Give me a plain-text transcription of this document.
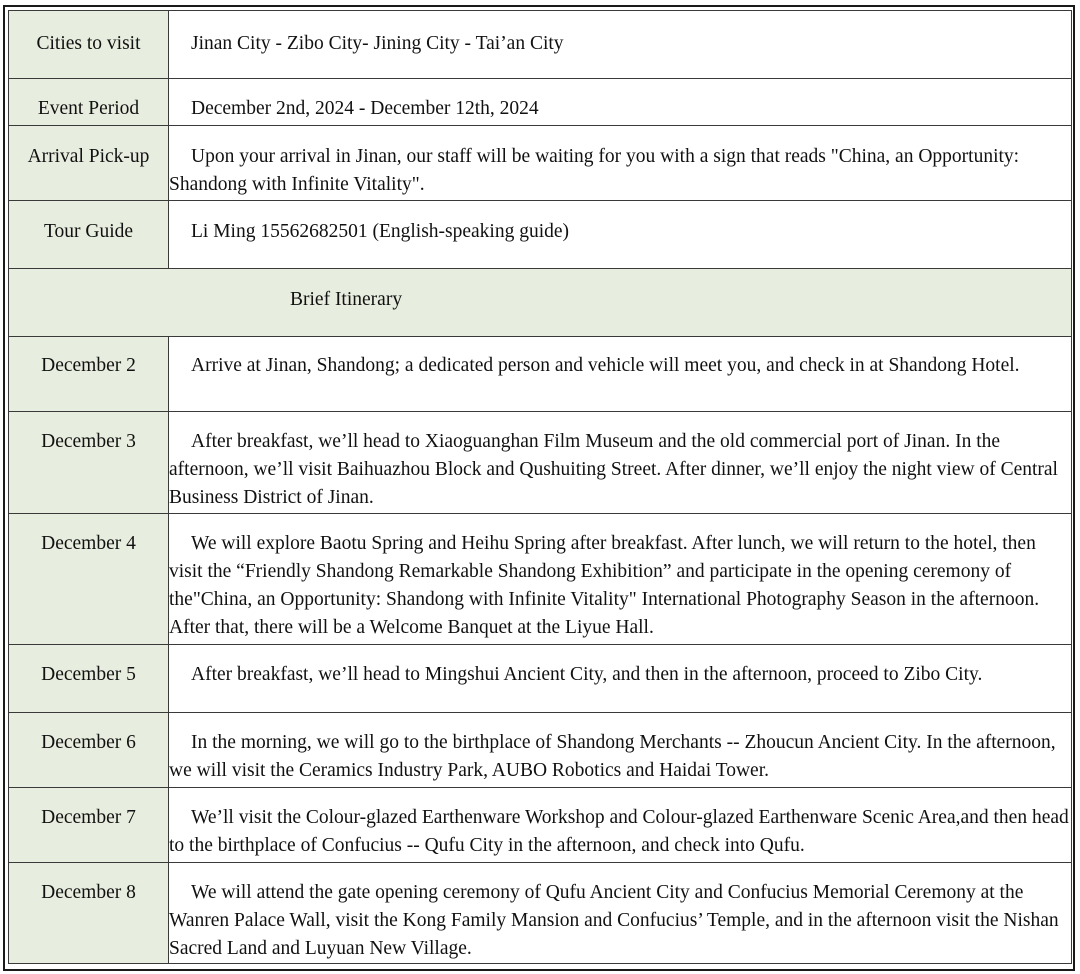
Cities to visit	Jinan City - Zibo City- Jining City - Tai’an City

Event Period	December 2nd, 2024 - December 12th, 2024

Arrival Pick-up	Upon your arrival in Jinan, our staff will be waiting for you with a sign that reads "China, an Opportunity: Shandong with Infinite Vitality".

Tour Guide	Li Ming 15562682501 (English-speaking guide)

Brief Itinerary	

December 2	Arrive at Jinan, Shandong; a dedicated person and vehicle will meet you, and check in at Shandong Hotel.

December 3	After breakfast, we’ll head to Xiaoguanghan Film Museum and the old commercial port of Jinan. In the afternoon, we’ll visit Baihuazhou Block and Qushuiting Street. After dinner, we’ll enjoy the night view of Central Business District of Jinan.

December 4	We will explore Baotu Spring and Heihu Spring after breakfast. After lunch, we will return to the hotel, then visit the “Friendly Shandong Remarkable Shandong Exhibition” and participate in the opening ceremony of the"China, an Opportunity: Shandong with Infinite Vitality" International Photography Season in the afternoon. After that, there will be a Welcome Banquet at the Liyue Hall.

December 5	After breakfast, we’ll head to Mingshui Ancient City, and then in the afternoon, proceed to Zibo City.

December 6	In the morning, we will go to the birthplace of Shandong Merchants -- Zhoucun Ancient City. In the afternoon, we will visit the Ceramics Industry Park, AUBO Robotics and Haidai Tower.

December 7	We’ll visit the Colour-glazed Earthenware Workshop and Colour-glazed Earthenware Scenic Area,and then head to the birthplace of Confucius -- Qufu City in the afternoon, and check into Qufu.

December 8	We will attend the gate opening ceremony of Qufu Ancient City and Confucius Memorial Ceremony at the Wanren Palace Wall, visit the Kong Family Mansion and Confucius’ Temple, and in the afternoon visit the Nishan Sacred Land and Luyuan New Village.
